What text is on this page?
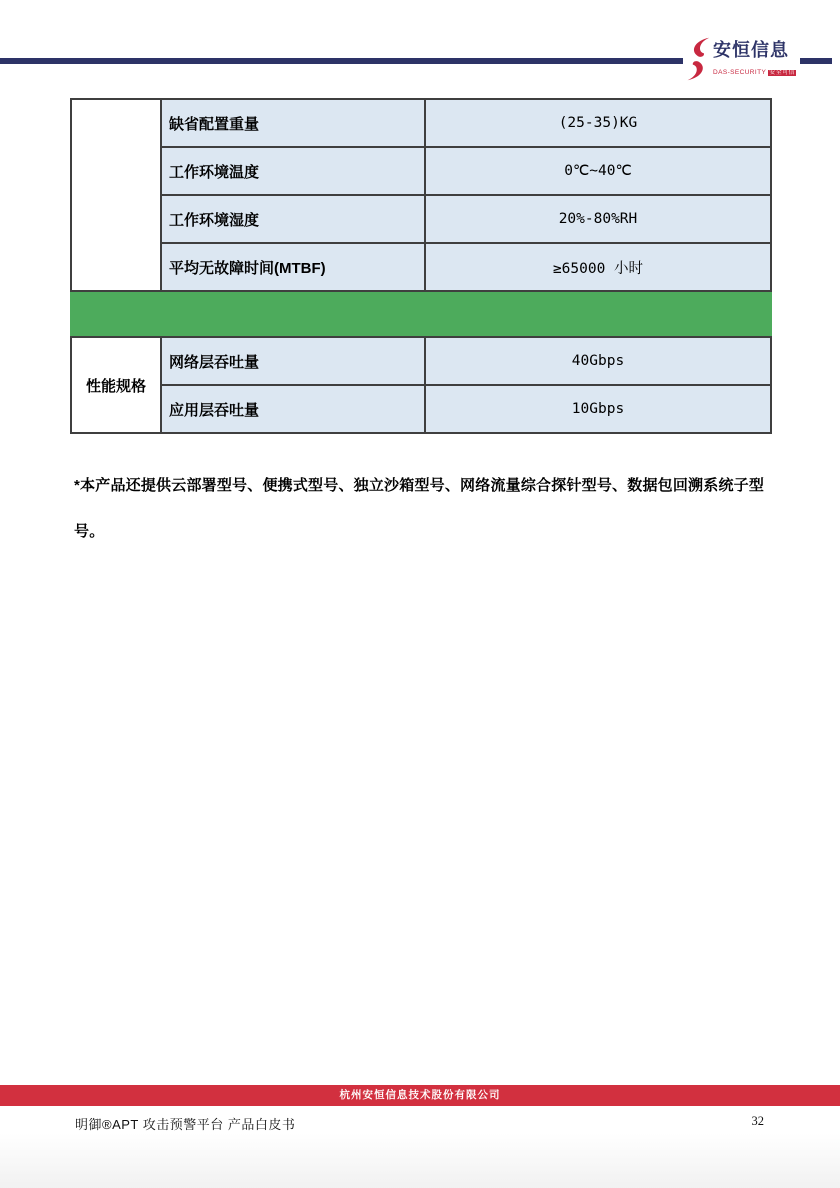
安恒信息 DAS-SECURITY 安全可信
	缺省配置重量	(25-35)KG
	工作环境温度	0℃~40℃
	工作环境湿度	20%-80%RH
	平均无故障时间(MTBF)	≥65000 小时

性能规格	网络层吞吐量	40Gbps
	应用层吞吐量	10Gbps
*本产品还提供云部署型号、便携式型号、独立沙箱型号、网络流量综合探针型号、数据包回溯系统子型号。
杭州安恒信息技术股份有限公司
明御®APT 攻击预警平台 产品白皮书	32
